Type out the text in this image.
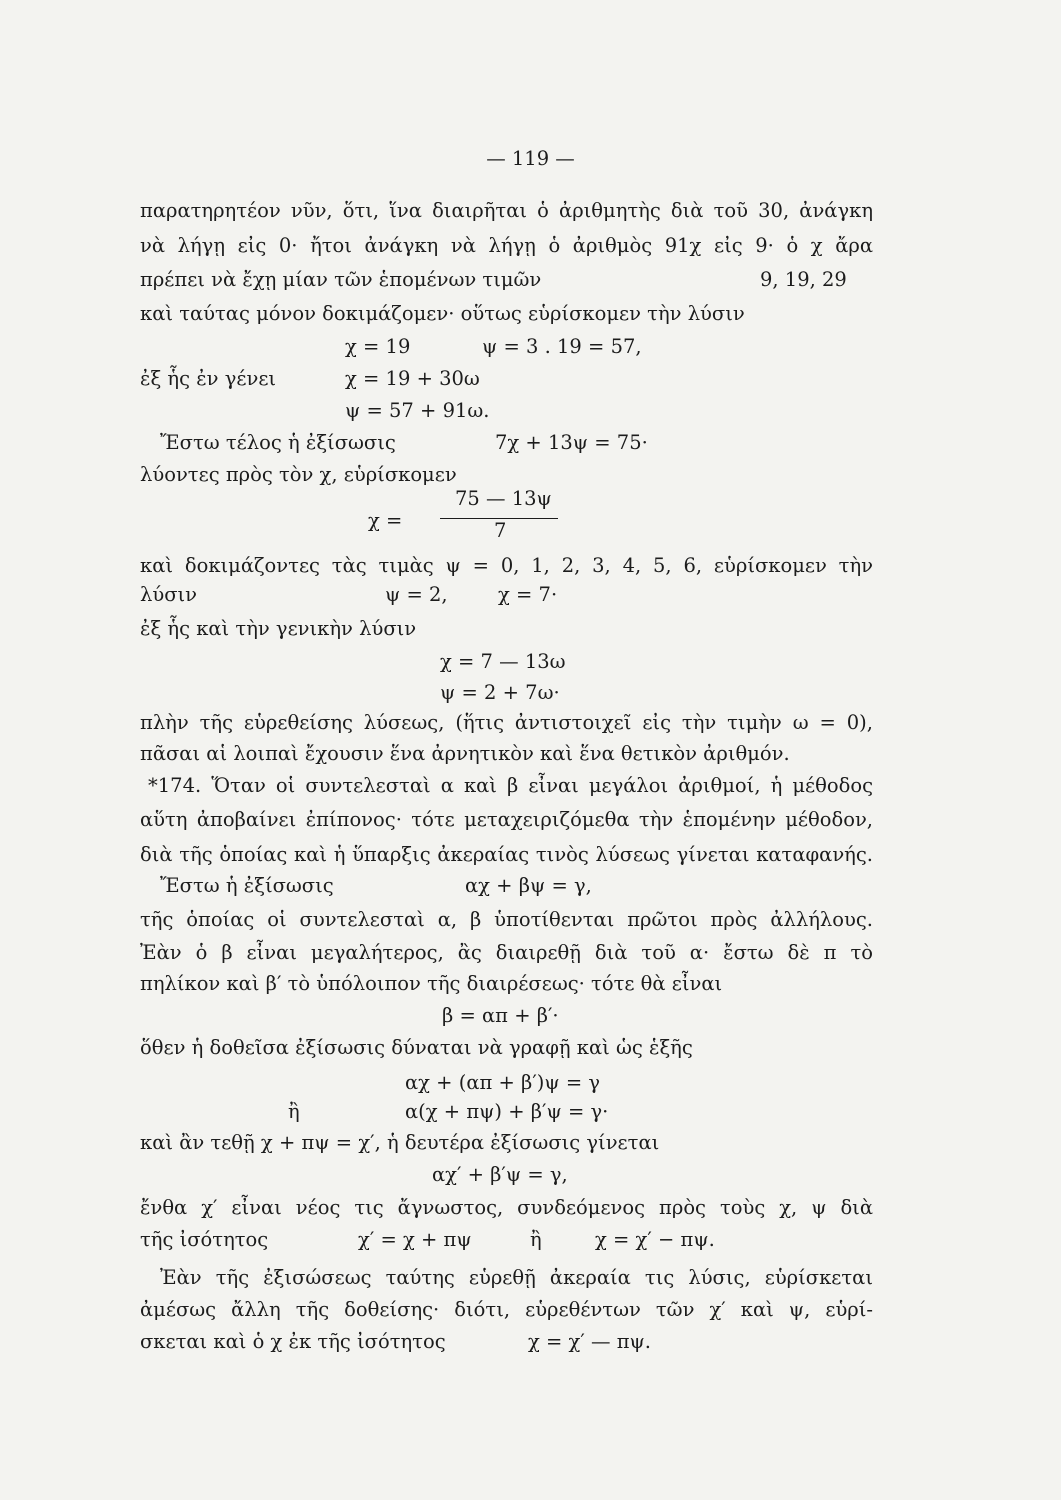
— 119 —
παρατηρητέον νῦν, ὅτι, ἵνα διαιρῆται ὁ ἀριθμητὴς διὰ τοῦ 30, ἀνάγκη
νὰ λήγῃ εἰς 0· ἤτοι ἀνάγκη νὰ λήγῃ ὁ ἀριθμὸς 91χ εἰς 9· ὁ χ ἄρα
πρέπει νὰ ἔχῃ μίαν τῶν ἑπομένων τιμῶν	9, 19, 29
καὶ ταύτας μόνον δοκιμάζομεν· οὕτως εὑρίσκομεν τὴν λύσιν
χ = 19	ψ = 3 . 19 = 57,
ἐξ ἧς ἐν γένει	χ = 19 + 30ω
ψ = 57 + 91ω.
Ἔστω τέλος ἡ ἐξίσωσις	7χ + 13ψ = 75·
λύοντες πρὸς τὸν χ, εὑρίσκομεν
χ =
75 — 13ψ
7
καὶ δοκιμάζοντες τὰς τιμὰς ψ = 0, 1, 2, 3, 4, 5, 6, εὑρίσκομεν τὴν
λύσιν	ψ = 2,	χ = 7·
ἐξ ἧς καὶ τὴν γενικὴν λύσιν
χ = 7 — 13ω
ψ = 2 + 7ω·
πλὴν τῆς εὑρεθείσης λύσεως, (ἥτις ἀντιστοιχεῖ εἰς τὴν τιμὴν ω = 0),
πᾶσαι αἱ λοιπαὶ ἔχουσιν ἕνα ἀρνητικὸν καὶ ἕνα θετικὸν ἀριθμόν.
*174. Ὅταν οἱ συντελεσταὶ α καὶ β εἶναι μεγάλοι ἀριθμοί, ἡ μέθοδος
αὕτη ἀποβαίνει ἐπίπονος· τότε μεταχειριζόμεθα τὴν ἑπομένην μέθοδον,
διὰ τῆς ὁποίας καὶ ἡ ὕπαρξις ἀκεραίας τινὸς λύσεως γίνεται καταφανής.
Ἔστω ἡ ἐξίσωσις	αχ + βψ = γ,
τῆς ὁποίας οἱ συντελεσταὶ α, β ὑποτίθενται πρῶτοι πρὸς ἀλλήλους.
Ἐὰν ὁ β εἶναι μεγαλήτερος, ἂς διαιρεθῇ διὰ τοῦ α· ἔστω δὲ π τὸ
πηλίκον καὶ β′ τὸ ὑπόλοιπον τῆς διαιρέσεως· τότε θὰ εἶναι
β = απ + β′·
ὅθεν ἡ δοθεῖσα ἐξίσωσις δύναται νὰ γραφῇ καὶ ὡς ἑξῆς
αχ + (απ + β′)ψ = γ
ἢ	α(χ + πψ) + β′ψ = γ·
καὶ ἂν τεθῇ χ + πψ = χ′, ἡ δευτέρα ἐξίσωσις γίνεται
αχ′ + β′ψ = γ,
ἔνθα χ′ εἶναι νέος τις ἄγνωστος, συνδεόμενος πρὸς τοὺς χ, ψ διὰ
τῆς ἰσότητος	χ′ = χ + πψ	ἢ	χ = χ′ − πψ.
Ἐὰν τῆς ἐξισώσεως ταύτης εὑρεθῇ ἀκεραία τις λύσις, εὑρίσκεται
ἀμέσως ἄλλη τῆς δοθείσης· διότι, εὑρεθέντων τῶν χ′ καὶ ψ, εὑρί-
σκεται καὶ ὁ χ ἐκ τῆς ἰσότητος	χ = χ′ — πψ.
